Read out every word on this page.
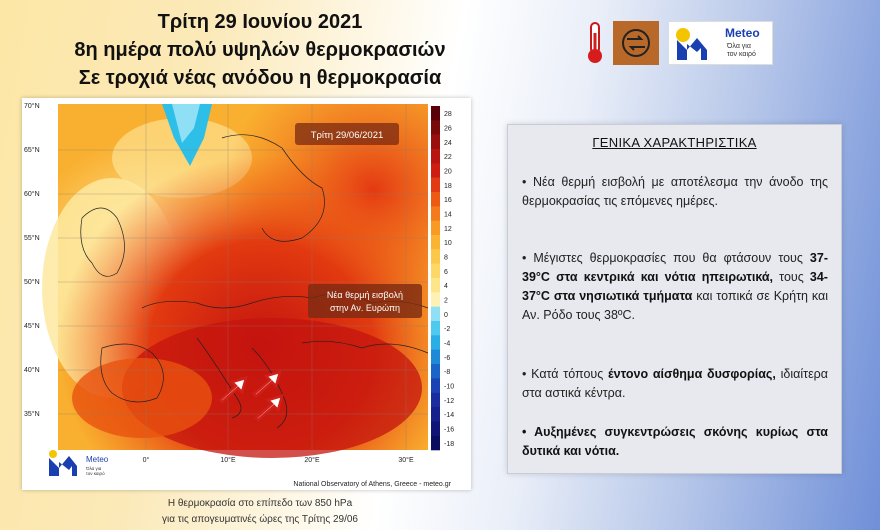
Τρίτη 29 Ιουνίου 2021
8η ημέρα πολύ υψηλών θερμοκρασιών
Σε τροχιά νέας ανόδου η θερμοκρασία
Meteo
Όλα για
τον καιρό
28
26
24
22
20
18
16
14
12
10
8
6
4
2
0
-2
-4
-6
-8
-10
-12
-14
-16
-18
70°N
65°N
60°N
55°N
50°N
45°N
40°N
35°N
0°	10°E	20°E	30°E
Τρίτη 29/06/2021
Νέα θερμή εισβολή
στην Αν. Ευρώπη
Meteo
Όλα για
τον καιρό
National Observatory of Athens, Greece - meteo.gr
Η θερμοκρασία στο επίπεδο των 850 hPa
για τις απογευματινές ώρες της Τρίτης 29/06
ΓΕΝΙΚΑ ΧΑΡΑΚΤΗΡΙΣΤΙΚΑ
• Νέα θερμή εισβολή με αποτέλεσμα την άνοδο της θερμοκρασίας τις επόμενες ημέρες.
• Μέγιστες θερμοκρασίες που θα φτάσουν τους 37-39°C στα κεντρικά και νότια ηπειρωτικά, τους 34-37°C στα νησιωτικά τμήματα και τοπικά σε Κρήτη και Αν. Ρόδο τους 38ºC.
• Κατά τόπους έντονο αίσθημα δυσφορίας, ιδιαίτερα στα αστικά κέντρα.
• Αυξημένες συγκεντρώσεις σκόνης κυρίως στα δυτικά και νότια.
